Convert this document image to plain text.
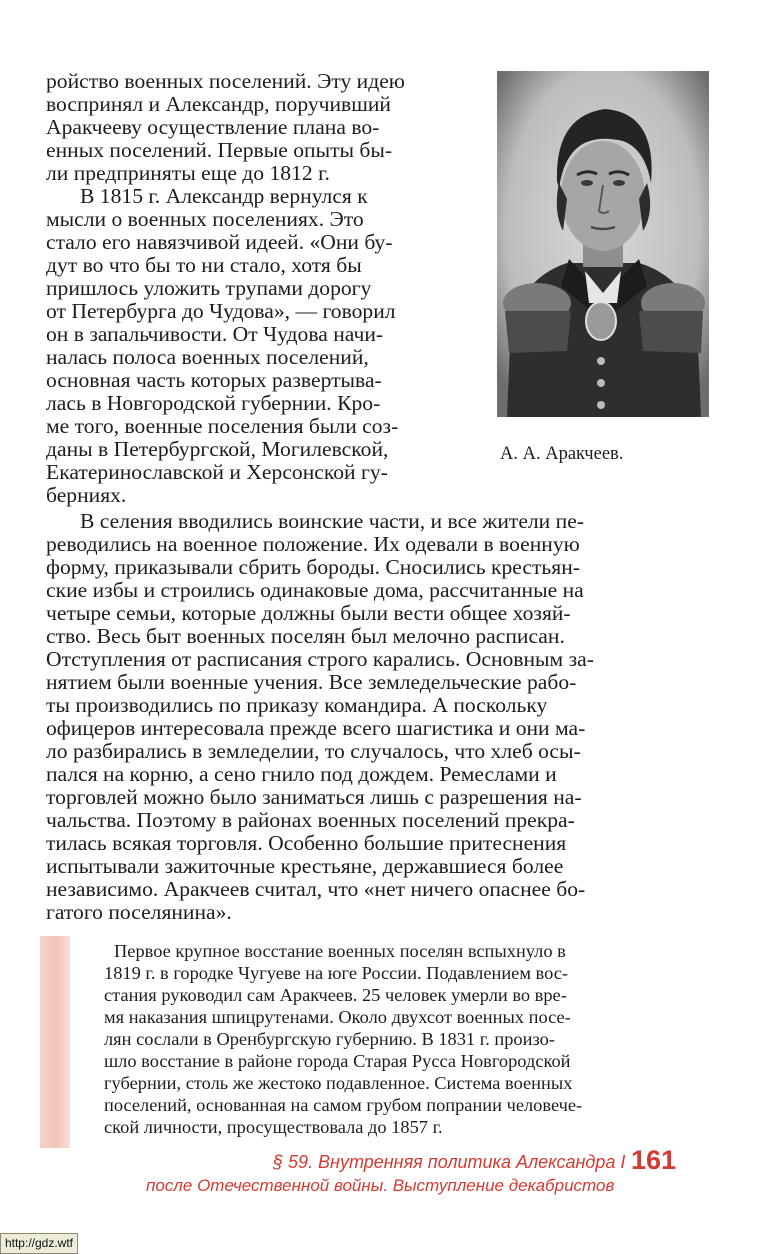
А. А. Аракчеев.
ройство военных поселений. Эту идею
воспринял и Александр, поручивший
Аракчееву осуществление плана во-
енных поселений. Первые опыты бы-
ли предприняты еще до 1812 г.
В 1815 г. Александр вернулся к
мысли о военных поселениях. Это
стало его навязчивой идеей. «Они бу-
дут во что бы то ни стало, хотя бы
пришлось уложить трупами дорогу
от Петербурга до Чудова», — говорил
он в запальчивости. От Чудова начи-
налась полоса военных поселений,
основная часть которых развертыва-
лась в Новгородской губернии. Кро-
ме того, военные поселения были соз-
даны в Петербургской, Могилевской,
Екатеринославской и Херсонской гу-
берниях.
В селения вводились воинские части, и все жители пе-
реводились на военное положение. Их одевали в военную
форму, приказывали сбрить бороды. Сносились крестьян-
ские избы и строились одинаковые дома, рассчитанные на
четыре семьи, которые должны были вести общее хозяй-
ство. Весь быт военных поселян был мелочно расписан.
Отступления от расписания строго карались. Основным за-
нятием были военные учения. Все земледельческие рабо-
ты производились по приказу командира. А поскольку
офицеров интересовала прежде всего шагистика и они ма-
ло разбирались в земледелии, то случалось, что хлеб осы-
пался на корню, а сено гнило под дождем. Ремеслами и
торговлей можно было заниматься лишь с разрешения на-
чальства. Поэтому в районах военных поселений прекра-
тилась всякая торговля. Особенно большие притеснения
испытывали зажиточные крестьяне, державшиеся более
независимо. Аракчеев считал, что «нет ничего опаснее бо-
гатого поселянина».
Первое крупное восстание военных поселян вспыхнуло в
1819 г. в городке Чугуеве на юге России. Подавлением вос-
стания руководил сам Аракчеев. 25 человек умерли во вре-
мя наказания шпицрутенами. Около двухсот военных посе-
лян сослали в Оренбургскую губернию. В 1831 г. произо-
шло восстание в районе города Старая Русса Новгородской
губернии, столь же жестоко подавленное. Система военных
поселений, основанная на самом грубом попрании человече-
ской личности, просуществовала до 1857 г.
§ 59. Внутренняя политика Александра I 161
после Отечественной войны. Выступление декабристов
http://gdz.wtf
